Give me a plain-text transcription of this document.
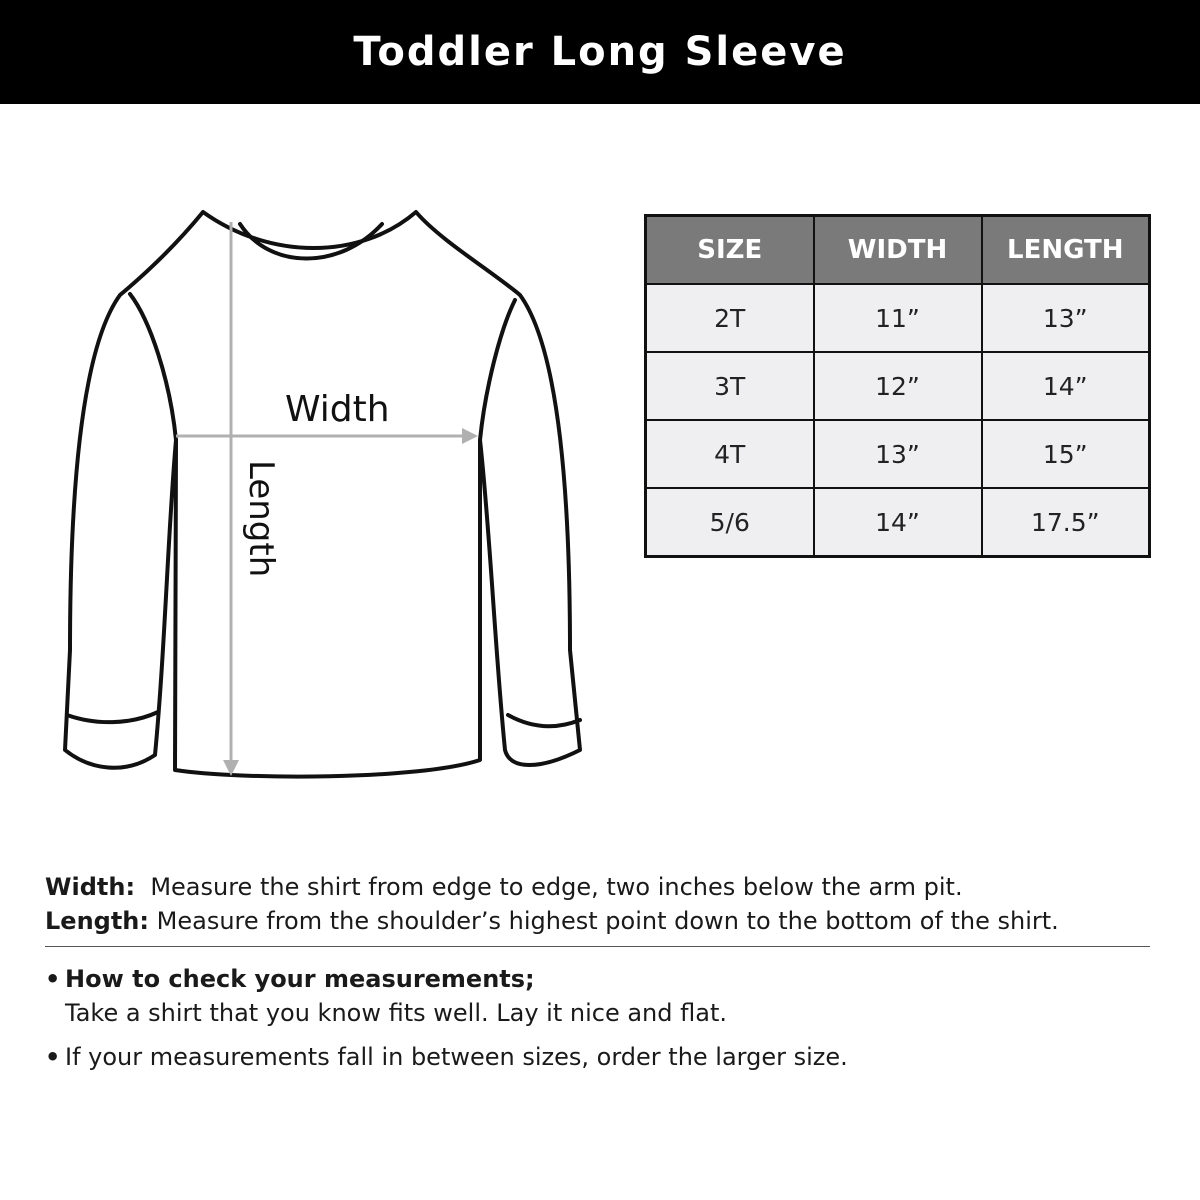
Toddler Long Sleeve
Width
Length
SIZE	WIDTH	LENGTH
2T	11”	13”
3T	12”	14”
4T	13”	15”
5/6	14”	17.5”
Width: Measure the shirt from edge to edge, two inches below the arm pit.
Length: Measure from the shoulder’s highest point down to the bottom of the shirt.
• How to check your measurements;
Take a shirt that you know fits well. Lay it nice and flat.
• If your measurements fall in between sizes, order the larger size.
